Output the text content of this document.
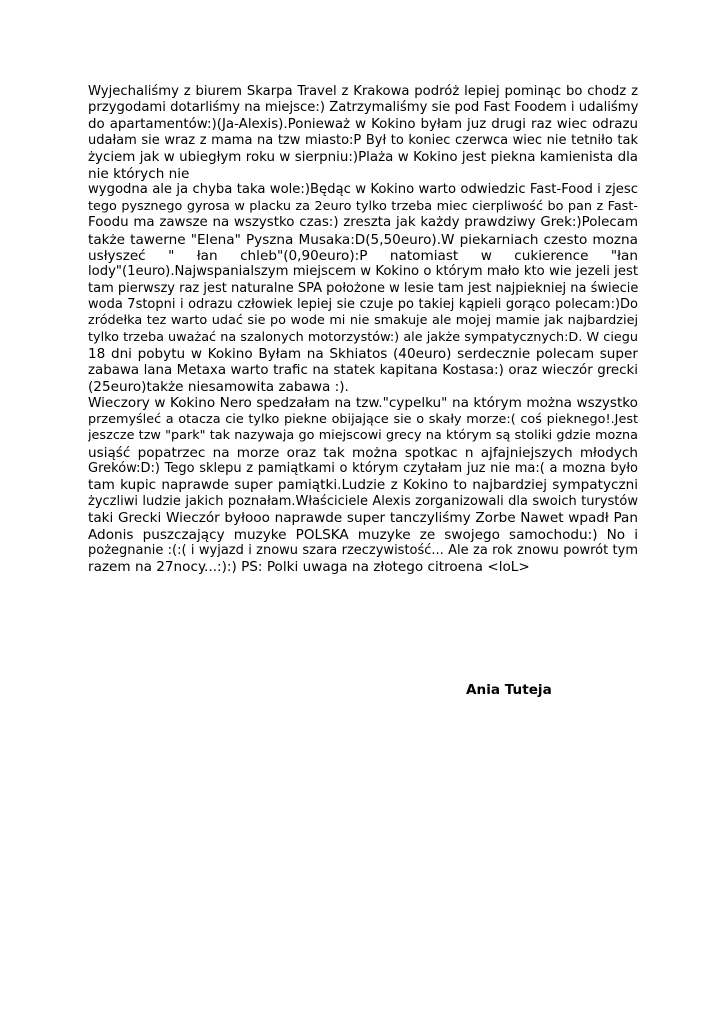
Wyjechaliśmy z biurem Skarpa Travel z Krakowa podróż lepiej pominąc bo chodz z
przygodami dotarliśmy na miejsce:) Zatrzymaliśmy sie pod Fast Foodem i udaliśmy
do apartamentów:)(Ja-Alexis).Ponieważ w Kokino byłam juz drugi raz wiec odrazu
udałam sie wraz z mama na tzw miasto:P Był to koniec czerwca wiec nie tetniło tak
życiem jak w ubiegłym roku w sierpniu:)Plaża w Kokino jest piekna kamienista dla
nie których nie
wygodna ale ja chyba taka wole:)Będąc w Kokino warto odwiedzic Fast-Food i zjesc
tego pysznego gyrosa w placku za 2euro tylko trzeba miec cierpliwość bo pan z Fast-
Foodu ma zawsze na wszystko czas:) zreszta jak każdy prawdziwy Grek:)Polecam
także tawerne "Elena" Pyszna Musaka:D(5,50euro).W piekarniach czesto mozna
usłyszeć " łan chleb"(0,90euro):P natomiast w cukierence "łan
lody"(1euro).Najwspanialszym miejscem w Kokino o którym mało kto wie jezeli jest
tam pierwszy raz jest naturalne SPA położone w lesie tam jest najpiekniej na świecie
woda 7stopni i odrazu człowiek lepiej sie czuje po takiej kąpieli gorąco polecam:)Do
zródełka tez warto udać sie po wode mi nie smakuje ale mojej mamie jak najbardziej
tylko trzeba uważać na szalonych motorzystów:) ale jakże sympatycznych:D. W ciegu
18 dni pobytu w Kokino Byłam na Skhiatos (40euro) serdecznie polecam super
zabawa lana Metaxa warto trafic na statek kapitana Kostasa:) oraz wieczór grecki
(25euro)także niesamowita zabawa :).
Wieczory w Kokino Nero spedzałam na tzw."cypelku" na którym można wszystko
przemyśleć a otacza cie tylko piekne obijające sie o skały morze:( coś pieknego!.Jest
jeszcze tzw "park" tak nazywaja go miejscowi grecy na którym są stoliki gdzie mozna
usiąść popatrzec na morze oraz tak można spotkac n ajfajniejszych młodych
Greków:D:) Tego sklepu z pamiątkami o którym czytałam juz nie ma:( a mozna było
tam kupic naprawde super pamiątki.Ludzie z Kokino to najbardziej sympatyczni
życzliwi ludzie jakich poznałam.Właściciele Alexis zorganizowali dla swoich turystów
taki Grecki Wieczór byłooo naprawde super tanczyliśmy Zorbe Nawet wpadł Pan
Adonis puszczający muzyke POLSKA muzyke ze swojego samochodu:) No i
pożegnanie :(:( i wyjazd i znowu szara rzeczywistość... Ale za rok znowu powrót tym
razem na 27nocy...:):) PS: Polki uwaga na złotego citroena <loL>
Ania Tuteja
